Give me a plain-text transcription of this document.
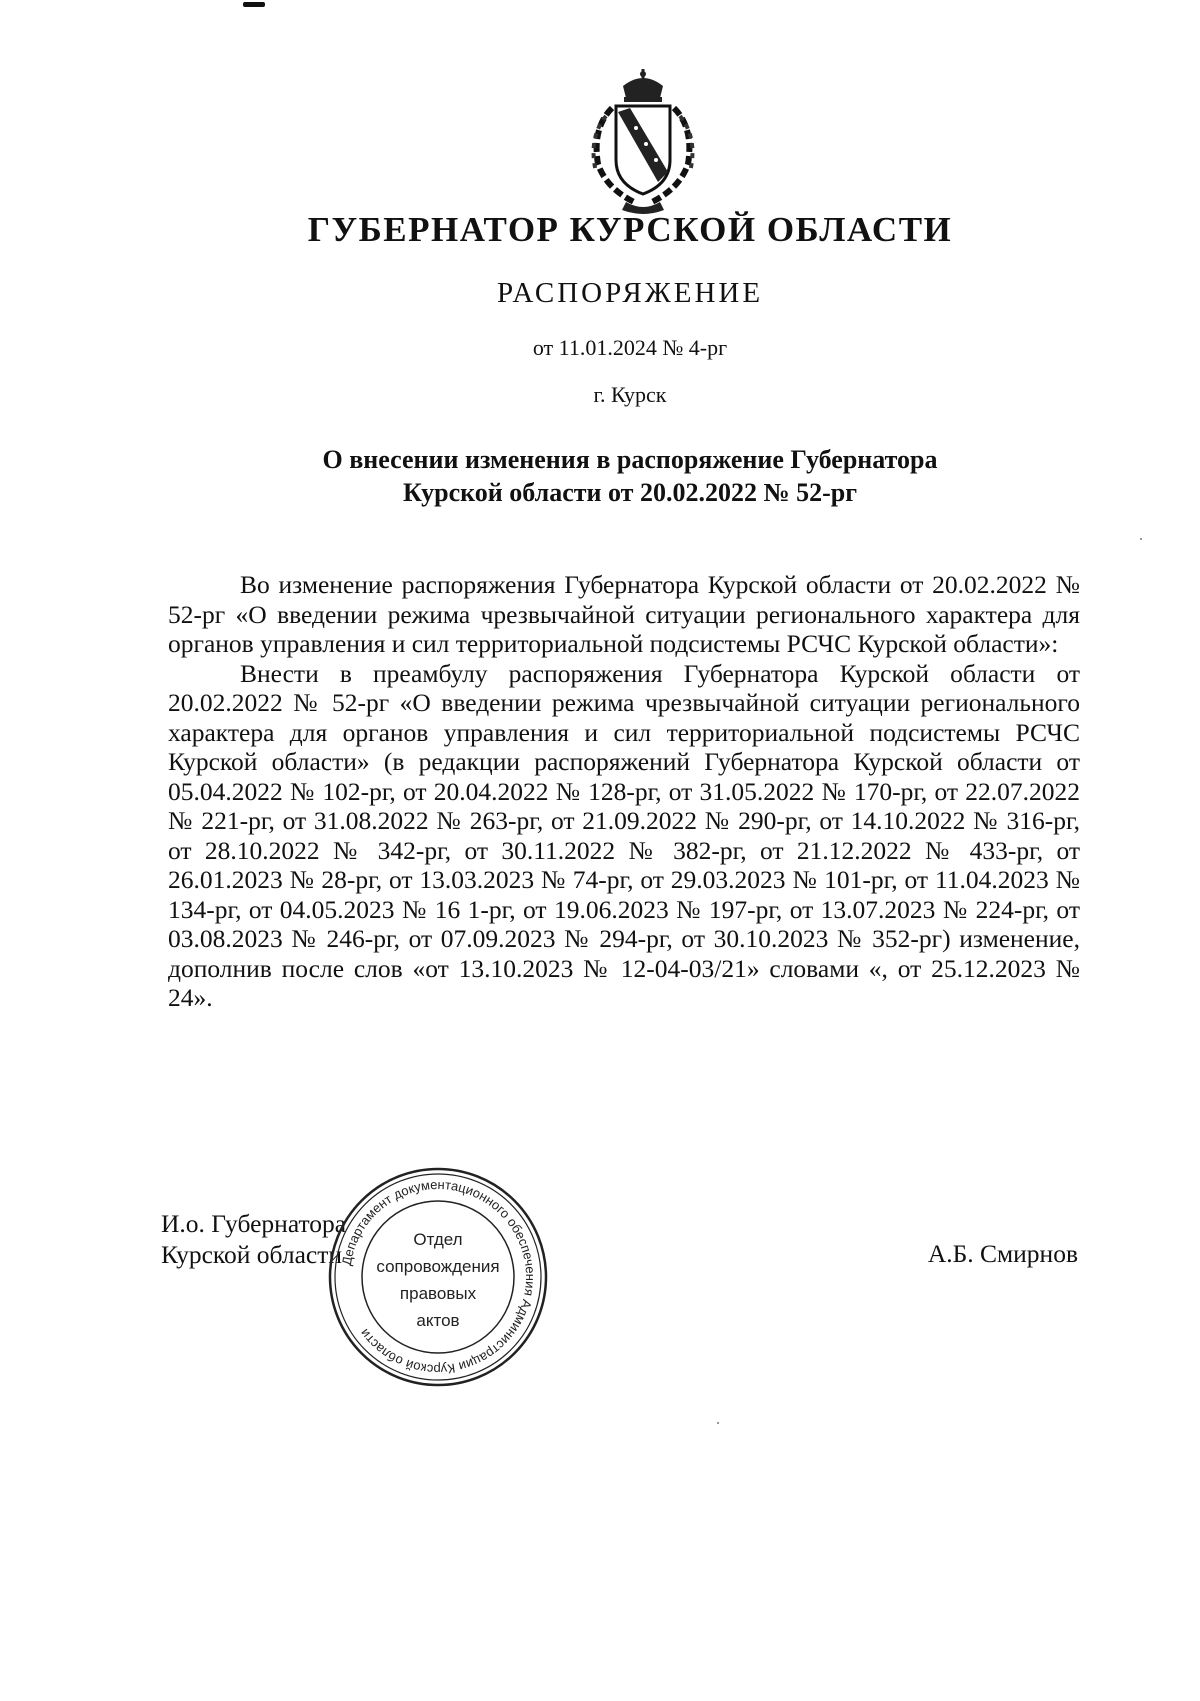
ГУБЕРНАТОР КУРСКОЙ ОБЛАСТИ
РАСПОРЯЖЕНИЕ
от 11.01.2024 № 4-рг
г. Курск
О внесении изменения в распоряжение Губернатора
Курской области от 20.02.2022 № 52-рг

Во изменение распоряжения Губернатора Курской области от 20.02.2022 № 52-рг «О введении режима чрезвычайной ситуации регионального характера для органов управления и сил территориальной подсистемы РСЧС Курской области»:

Внести в преамбулу распоряжения Губернатора Курской области от 20.02.2022 № 52-рг «О введении режима чрезвычайной ситуации регионального характера для органов управления и сил территориальной подсистемы РСЧС Курской области» (в редакции распоряжений Губернатора Курской области от 05.04.2022 № 102-рг, от 20.04.2022 № 128-рг, от 31.05.2022 № 170-рг, от 22.07.2022 № 221-рг, от 31.08.2022 № 263-рг, от 21.09.2022 № 290-рг, от 14.10.2022 № 316-рг, от 28.10.2022 № 342-рг, от 30.11.2022 № 382-рг, от 21.12.2022 № 433-рг, от 26.01.2023 № 28-рг, от 13.03.2023 № 74-рг, от 29.03.2023 № 101-рг, от 11.04.2023 № 134-рг, от 04.05.2023 № 16 1-рг, от 19.06.2023 № 197-рг, от 13.07.2023 № 224-рг, от 03.08.2023 № 246-рг, от 07.09.2023 № 294-рг, от 30.10.2023 № 352-рг) изменение, дополнив после слов «от 13.10.2023 № 12-04-03/21» словами «, от 25.12.2023 № 24».

И.о. Губернатора
Курской области
Департамент документационного обеспечения Администрации Курской области
Отдел
сопровождения
правовых
актов
А.Б. Смирнов
